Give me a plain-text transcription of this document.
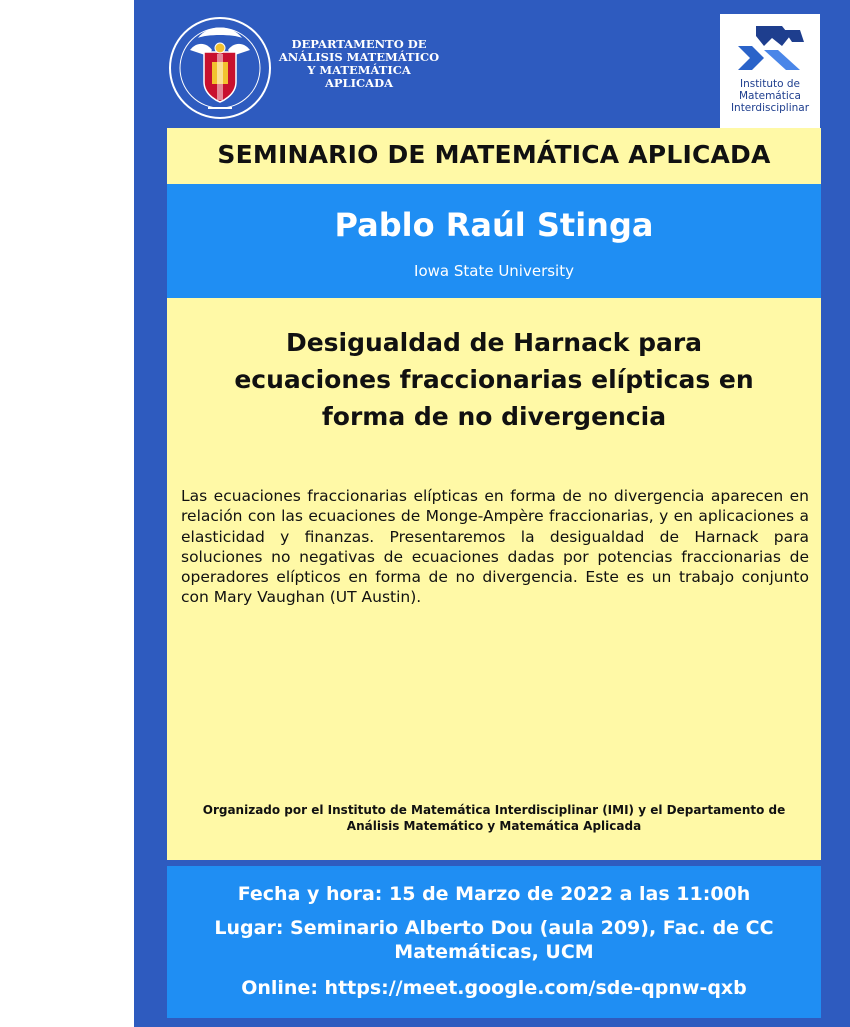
DEPARTAMENTO DE ANÁLISIS MATEMÁTICO Y MATEMÁTICA APLICADA	Instituto de Matemática Interdisciplinar
SEMINARIO DE MATEMÁTICA APLICADA
Pablo Raúl Stinga
Iowa State University
Desigualdad de Harnack para ecuaciones fraccionarias elípticas en forma de no divergencia
Las ecuaciones fraccionarias elípticas en forma de no divergencia aparecen en relación con las ecuaciones de Monge-Ampère fraccionarias, y en aplicaciones a elasticidad y finanzas. Presentaremos la desigualdad de Harnack para soluciones no negativas de ecuaciones dadas por potencias fraccionarias de operadores elípticos en forma de no divergencia. Este es un trabajo conjunto con Mary Vaughan (UT Austin).
Organizado por el Instituto de Matemática Interdisciplinar (IMI) y el Departamento de Análisis Matemático y Matemática Aplicada
Fecha y hora: 15 de Marzo de 2022 a las 11:00h
Lugar: Seminario Alberto Dou (aula 209), Fac. de CC Matemáticas, UCM
Online: https://meet.google.com/sde-qpnw-qxb
